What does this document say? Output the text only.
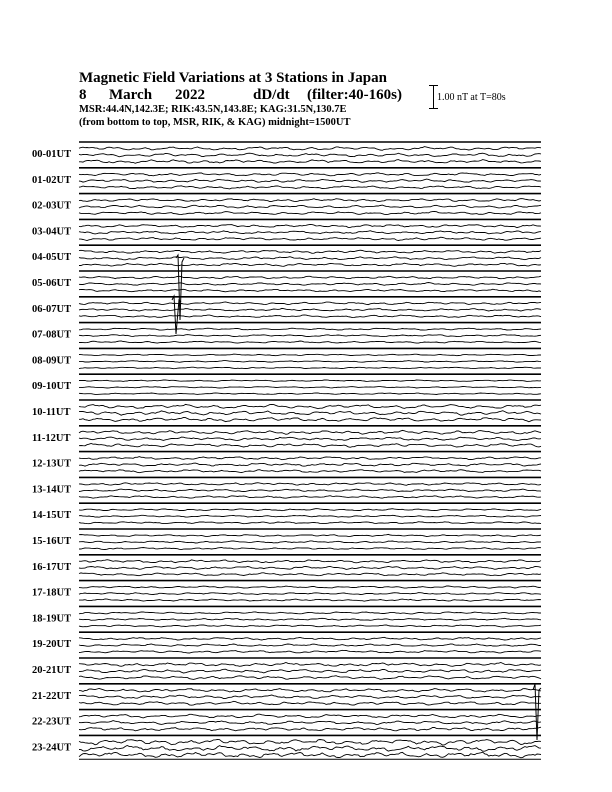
Magnetic Field Variations at 3 Stations in Japan
8 March 2022	dD/dt (filter:40-160s)
MSR:44.4N,142.3E; RIK:43.5N,143.8E; KAG:31.5N,130.7E
(from bottom to top, MSR, RIK, & KAG) midnight=1500UT
1.00 nT at T=80s
00-01UT
01-02UT
02-03UT
03-04UT
04-05UT
05-06UT
06-07UT
07-08UT
08-09UT
09-10UT
10-11UT
11-12UT
12-13UT
13-14UT
14-15UT
15-16UT
16-17UT
17-18UT
18-19UT
19-20UT
20-21UT
21-22UT
22-23UT
23-24UT
